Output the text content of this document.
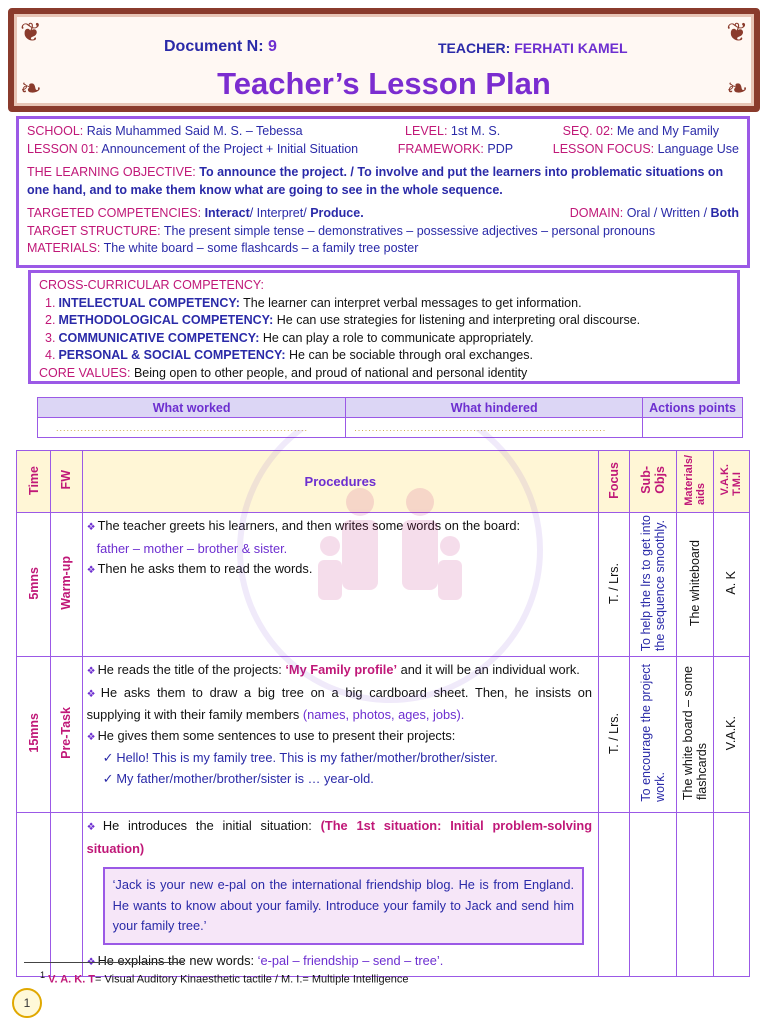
❦	❦
❧	❧
Document N: 9	TEACHER: FERHATI KAMEL
Teacher’s Lesson Plan
SCHOOL: Rais Muhammed Said M. S. – Tebessa	LEVEL: 1st M. S.	SEQ. 02: Me and My Family
LESSON 01: Announcement of the Project + Initial Situation	FRAMEWORK: PDP	LESSON FOCUS: Language Use
THE LEARNING OBJECTIVE: To announce the project. / To involve and put the learners into problematic situations on one hand, and to make them know what are going to see in the whole sequence.
TARGETED COMPETENCIES: Interact/ Interpret/ Produce.	DOMAIN: Oral / Written / Both
TARGET STRUCTURE: The present simple tense – demonstratives – possessive adjectives – personal pronouns
MATERIALS: The white board – some flashcards – a family tree poster
CROSS-CURRICULAR COMPETENCY:
1. INTELECTUAL COMPETENCY: The learner can interpret verbal messages to get information.
2. METHODOLOGICAL COMPETENCY: He can use strategies for listening and interpreting oral discourse.
3. COMMUNICATIVE COMPETENCY: He can play a role to communicate appropriately.
4. PERSONAL & SOCIAL COMPETENCY: He can be sociable through oral exchanges.
CORE VALUES: Being open to other people, and proud of national and personal identity
What worked	What hindered	Actions points
........................................................................	........................................................................	
Time	FW	Procedures	Focus	Sub-Objs	Materials/aids	V.A.K.T.M.I
5mns	Warm-up	❖ The teacher greets his learners, and then writes some words on the board:
father – mother – brother & sister.
❖ Then he asks them to read the words.	T. / Lrs.	To help the lrs to get intothe sequence smoothly.	The whiteboard	A. K
15mns	Pre-Task	❖ He reads the title of the projects: ‘My Family profile’ and it will be an individual work.
❖ He asks them to draw a big tree on a big cardboard sheet. Then, he insists on supplying it with their family members (names, photos, ages, jobs).
❖ He gives them some sentences to use to present their projects:
✓ Hello! This is my family tree. This is my father/mother/brother/sister.
✓ My father/mother/brother/sister is … year-old.	T. / Lrs.	To encourage the projectwork.	The white board – someflashcards	V.A.K.

		❖ He introduces the initial situation: (The 1st situation: Initial problem-solving situation)
‘Jack is your new e-pal on the international friendship blog. He is from England. He wants to know about your family. Introduce your family to Jack and send him your family tree.’
❖ He explains the new words: ‘e-pal – friendship – send – tree’.				

$^1$ V. A. K. T= Visual Auditory Kinaesthetic tactile / M. I.= Multiple Intelligence
1
